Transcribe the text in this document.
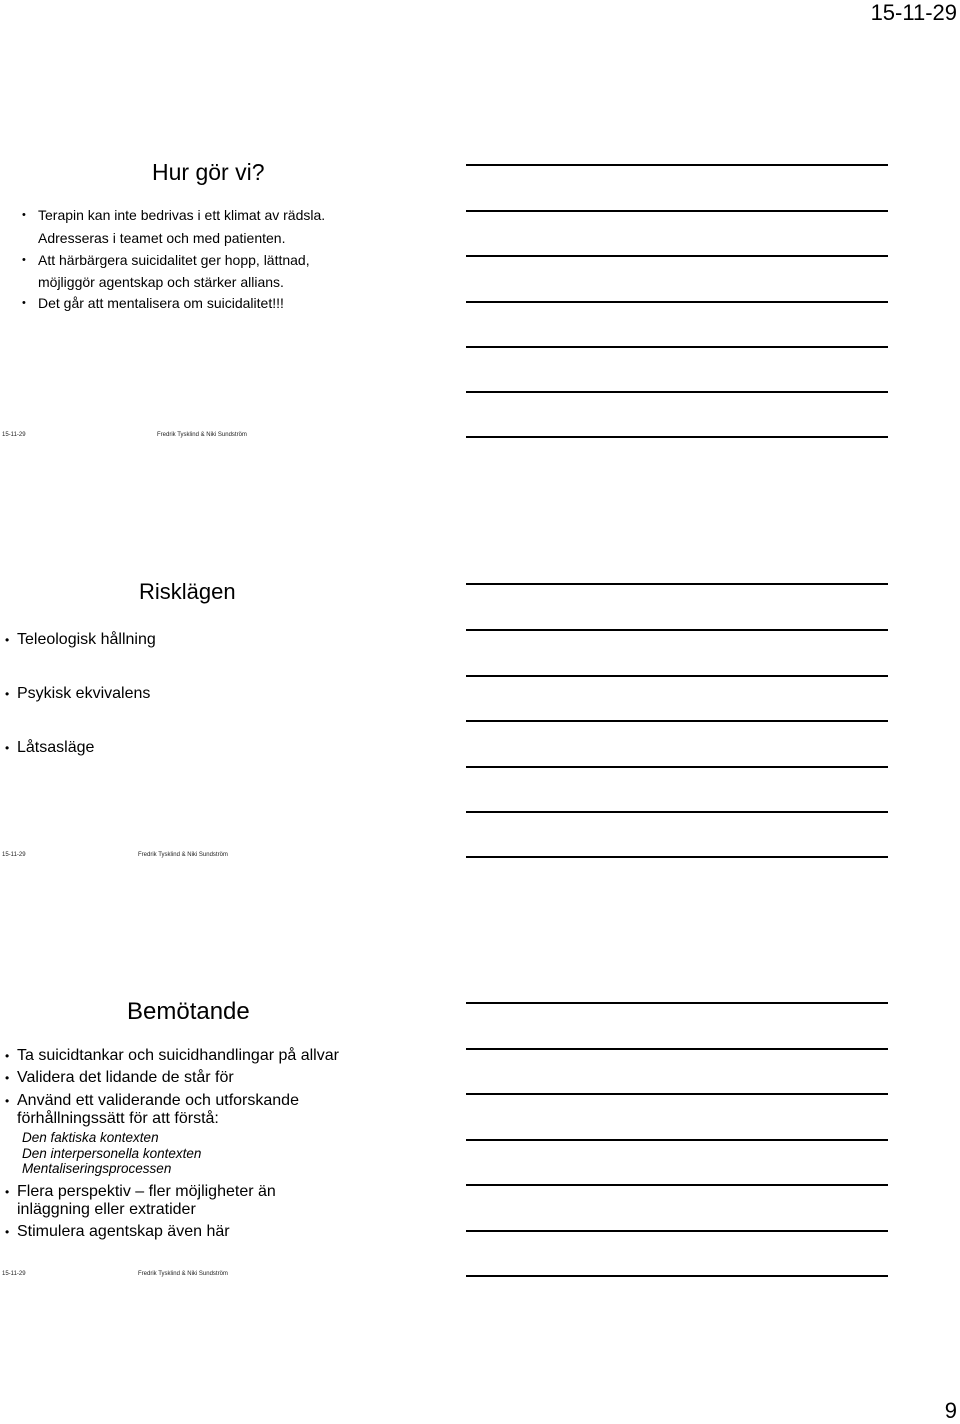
15-11-29
Hur gör vi?
• Terapin kan inte bedrivas i ett klimat av rädsla.
Adresseras i teamet och med patienten.
• Att härbärgera suicidalitet ger hopp, lättnad,
möjliggör agentskap och stärker allians.
• Det går att mentalisera om suicidalitet!!!
15-11-29	Fredrik Tysklind & Niki Sundström
Risklägen
• Teleologisk hållning
• Psykisk ekvivalens
• Låtsasläge
15-11-29	Fredrik Tysklind & Niki Sundström
Bemötande
• Ta suicidtankar och suicidhandlingar på allvar
• Validera det lidande de står för
• Använd ett validerande och utforskande
förhållningssätt för att förstå:
Den faktiska kontexten
Den interpersonella kontexten
Mentaliseringsprocessen
• Flera perspektiv – fler möjligheter än
inläggning eller extratider
• Stimulera agentskap även här
15-11-29	Fredrik Tysklind & Niki Sundström
9
